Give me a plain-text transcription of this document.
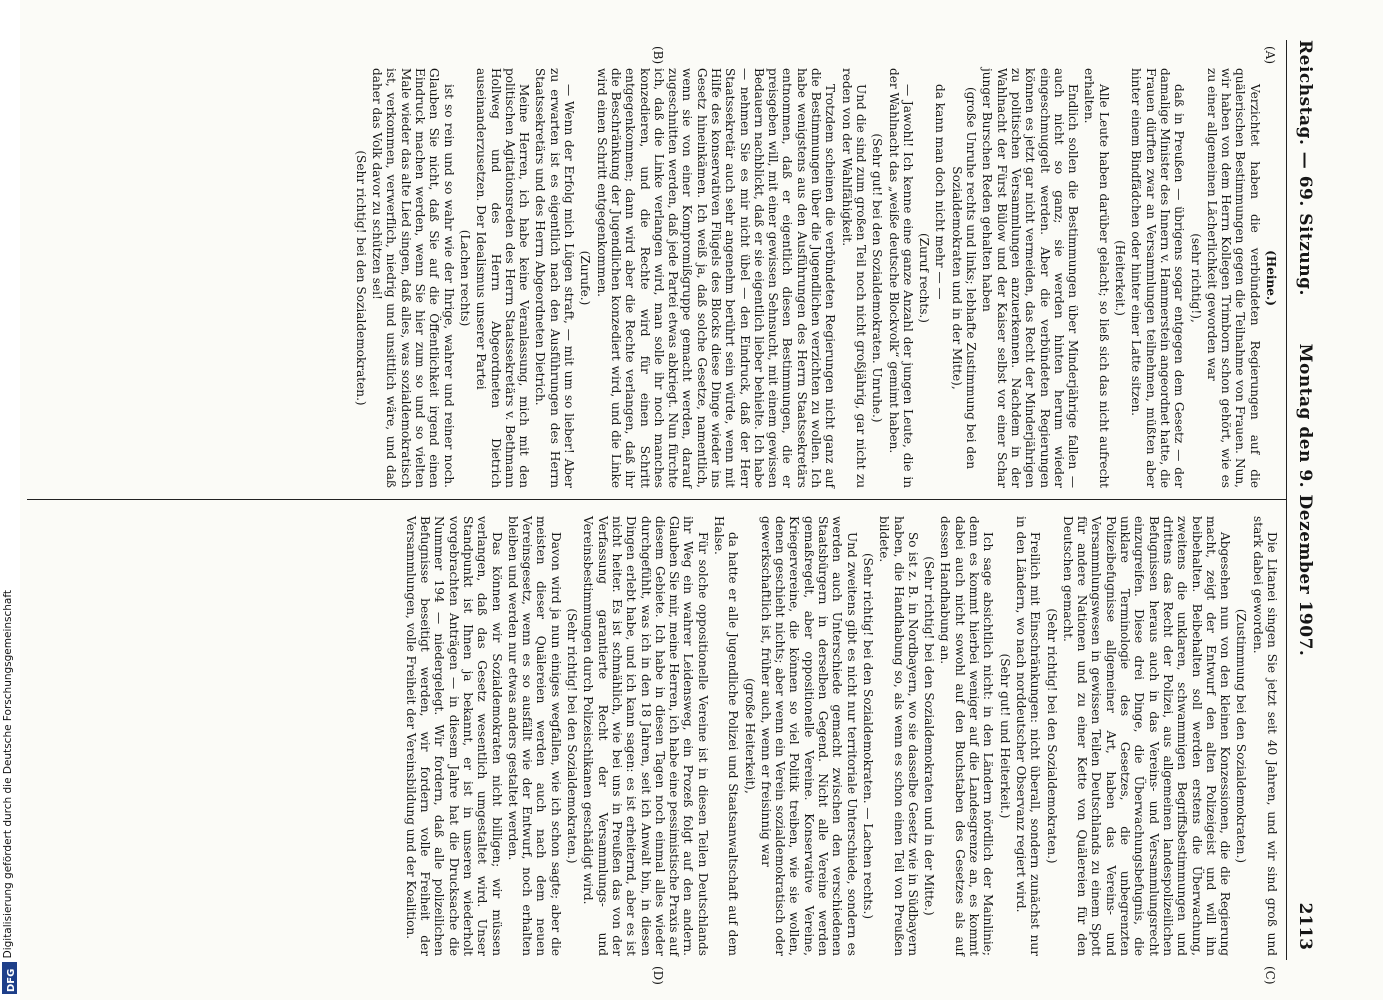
Reichstag. — 69. Sitzung.
Montag den 9. Dezember 1907.
2113
(A)
(B)
(C)
(D)

(Heine.)

Verzichtet haben die verbündeten Regierungen auf die quälerischen Bestimmungen gegen die Teilnahme von Frauen. Nun, wir haben von dem Herrn Kollegen Trimborn schon gehört, wie es zu einer allgemeinen Lächerlichkeit geworden war

(sehr richtig!),

daß in Preußen — übrigens sogar entgegen dem Gesetz — der damalige Minister des Innern v. Hammerstein angeordnet hatte, die Frauen dürften zwar an Versammlungen teilnehmen, müßten aber hinter einem Bindfädchen oder hinter einer Latte sitzen.

(Heiterkeit.)

Alle Leute haben darüber gelacht; so ließ sich das nicht aufrecht erhalten.

Endlich sollen die Bestimmungen über Minderjährige fallen — auch nicht so ganz; sie werden hinten herum wieder eingeschmuggelt werden. Aber die verbündeten Regierungen können es jetzt gar nicht vermeiden, das Recht der Minderjährigen zu politischen Versammlungen anzuerkennen. Nachdem in der Wahlnacht der Fürst Bülow und der Kaiser selbst vor einer Schar junger Burschen Reden gehalten haben

(große Unruhe rechts und links; lebhafte Zustimmung bei den Sozialdemokraten und in der Mitte),

da kann man doch nicht mehr — —

(Zuruf rechts.)

— Jawohl! Ich kenne eine ganze Anzahl der jungen Leute, die in der Wahlnacht das „weiße deutsche Blockvolk“ gemimt haben.

(Sehr gut! bei den Sozialdemokraten. Unruhe.)

Und die sind zum großen Teil noch nicht großjährig, gar nicht zu reden von der Wahlfähigkeit.

Trotzdem scheinen die verbündeten Regierungen nicht ganz auf die Bestimmungen über die Jugendlichen verzichten zu wollen. Ich habe wenigstens aus den Ausführungen des Herrn Staatssekretärs entnommen, daß er eigentlich diesen Bestimmungen, die er preisgeben will, mit einer gewissen Sehnsucht, mit einem gewissen Bedauern nachblickt, daß er sie eigentlich lieber behielte. Ich habe — nehmen Sie es mir nicht übel — den Eindruck, daß der Herr Staatssekretär auch sehr angenehm berührt sein würde, wenn mit Hilfe des konservativen Flügels des Blocks diese Dinge wieder ins Gesetz hineinkämen. Ich weiß ja, daß solche Gesetze, namentlich, wenn sie von einer Kompromißgruppe gemacht werden, darauf zugeschnitten werden, daß jede Partei etwas abkriegt. Nun fürchte ich, daß die Linke verlangen wird, man solle ihr noch manches konzedieren, und die Rechte wird für einen Schritt entgegenkommen; dann wird aber die Rechte verlangen, daß ihr die Beschränkung der Jugendlichen konzediert wird, und die Linke wird einen Schritt entgegenkommen.

(Zurufe.)

— Wenn der Erfolg mich Lügen straft, — mit um so lieber! Aber zu erwarten ist es eigentlich nach den Ausführungen des Herrn Staatssekretärs und des Herrn Abgeordneten Dietrich.

Meine Herren, ich habe keine Veranlassung, mich mit den politischen Agitationsreden des Herrn Staatssekretärs v. Bethmann Hollweg und des Herrn Abgeordneten Dietrich auseinanderzusetzen. Der Idealismus unserer Partei

(Lachen rechts)

ist so rein und so wahr wie der Ihrige, wahrer und reiner noch. Glauben Sie nicht, daß Sie auf die Öffentlichkeit irgend einen Eindruck machen werden, wenn Sie hier zum so und so vielten Male wieder das alte Lied singen, daß alles, was sozialdemokratisch ist, verkommen, verwerflich, niedrig und unsittlich wäre, und daß daher das Volk davor zu schützen sei!

(Sehr richtig! bei den Sozialdemokraten.)

Die Litanei singen Sie jetzt seit 40 Jahren, und wir sind groß und stark dabei geworden.

(Zustimmung bei den Sozialdemokraten.)

Abgesehen nun von den kleinen Konzessionen, die die Regierung macht, zeigt der Entwurf den alten Polizeigeist und will ihn beibehalten. Beibehalten soll werden erstens die Überwachung, zweitens die unklaren, schwammigen Begriffsbestimmungen und drittens das Recht der Polizei, aus allgemeinen landespolizeilichen Befugnissen heraus auch in das Vereins- und Versammlungsrecht einzugreifen. Diese drei Dinge, die Überwachungsbefugnis, die unklare Terminologie des Gesetzes, die unbegrenzten Polizeibefugnisse allgemeiner Art, haben das Vereins- und Versammlungswesen in gewissen Teilen Deutschlands zu einem Spott für andere Nationen und zu einer Kette von Quälereien für den Deutschen gemacht.

(Sehr richtig! bei den Sozialdemokraten.)

Freilich mit Einschränkungen: nicht überall, sondern zunächst nur in den Ländern, wo nach norddeutscher Observanz regiert wird.

(Sehr gut! und Heiterkeit.)

Ich sage absichtlich nicht: in den Ländern nördlich der Mainlinie; denn es kommt hierbei weniger auf die Landesgrenze an, es kommt dabei auch nicht sowohl auf den Buchstaben des Gesetzes als auf dessen Handhabung an.

(Sehr richtig! bei den Sozialdemokraten und in der Mitte.)

So ist z. B. in Nordbayern, wo sie dasselbe Gesetz wie in Südbayern haben, die Handhabung so, als wenn es schon einen Teil von Preußen bildete.

(Sehr richtig! bei den Sozialdemokraten. — Lachen rechts.)

Und zweitens gibt es nicht nur territoriale Unterschiede, sondern es werden auch Unterschiede gemacht zwischen den verschiedenen Staatsbürgern in derselben Gegend. Nicht alle Vereine werden gemaßregelt, aber oppositionelle Vereine. Konservative Vereine, Kriegervereine, die können so viel Politik treiben, wie sie wollen, denen geschieht nichts; aber wenn ein Verein sozialdemokratisch oder gewerkschaftlich ist, früher auch, wenn er freisinnig war

(große Heiterkeit),

da hatte er alle Jugendliche Polizei und Staatsanwaltschaft auf dem Halse.

Für solche oppositionelle Vereine ist in diesen Teilen Deutschlands ihr Weg ein wahrer Leidensweg, ein Prozeß folgt auf den andern. Glauben Sie mir, meine Herren, ich habe eine pessimistische Praxis auf diesem Gebiete. Ich habe in diesen Tagen noch einmal alles wieder durchgefühlt, was ich in den 18 Jahren, seit ich Anwalt bin, in diesen Dingen erlebt habe, und ich kann sagen: es ist erheiternd, aber es ist nicht heiter. Es ist schmählich, wie bei uns in Preußen das von der Verfassung garantierte Recht der Versammlungs- und Vereinsbestimmungen durch Polizeischikanen geschädigt wird.

(Sehr richtig! bei den Sozialdemokraten.)

Davon wird ja nun einiges wegfallen, wie ich schon sagte; aber die meisten dieser Quälereien werden auch nach dem neuen Vereinsgesetz, wenn es so ausfällt wie der Entwurf, noch erhalten bleiben und werden nur etwas anders gestaltet werden.

Das können wir Sozialdemokraten nicht billigen; wir müssen verlangen, daß das Gesetz wesentlich umgestaltet wird. Unser Standpunkt ist Ihnen ja bekannt, er ist in unseren wiederholt vorgebrachten Anträgen — in diesem Jahre hat die Drucksache die Nummer 194 — niedergelegt. Wir fordern, daß alle polizeilichen Befugnisse beseitigt werden, wir fordern volle Freiheit der Versammlungen, volle Freiheit der Vereinsbildung und der Koalition.

Digitalisierung gefördert durch die Deutsche Forschungsgemeinschaft
DFG
